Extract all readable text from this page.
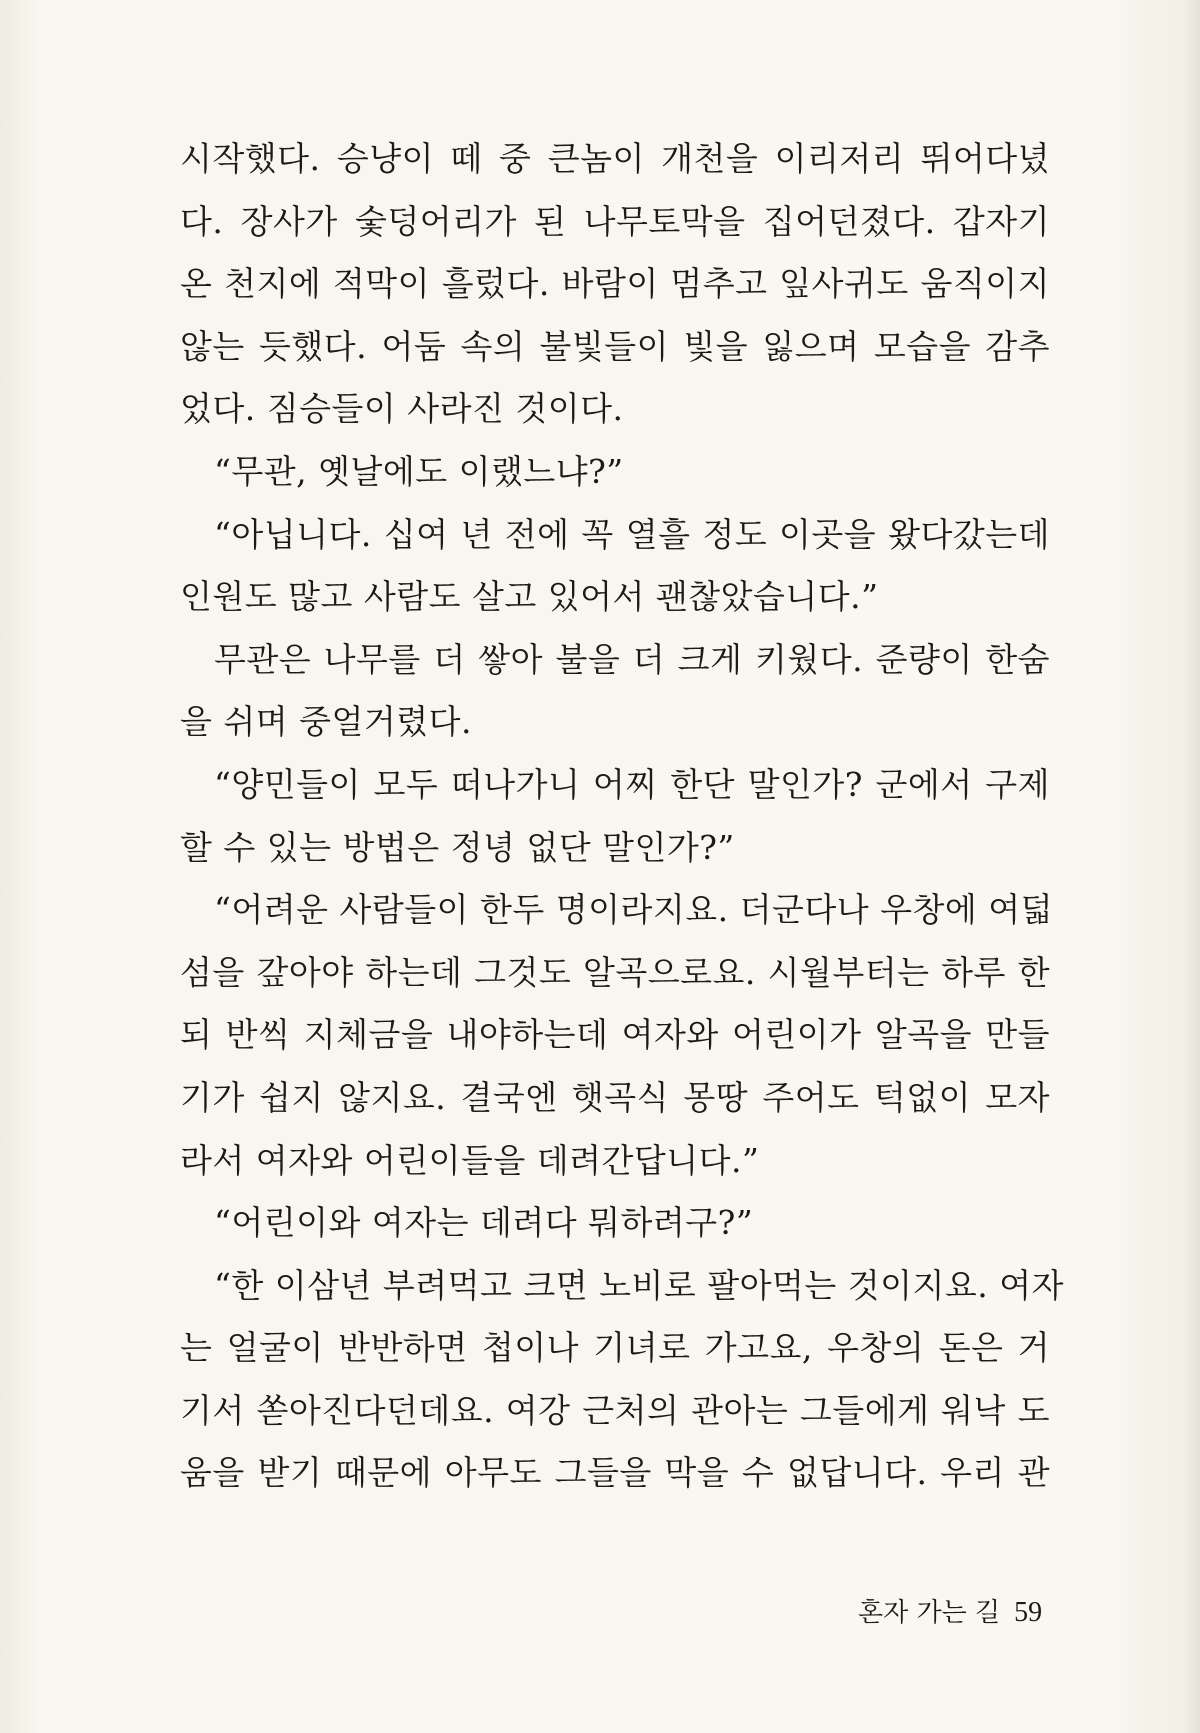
시작했다. 승냥이 떼 중 큰놈이 개천을 이리저리 뛰어다녔
다. 장사가 숯덩어리가 된 나무토막을 집어던졌다. 갑자기
온 천지에 적막이 흘렀다. 바람이 멈추고 잎사귀도 움직이지
않는 듯했다. 어둠 속의 불빛들이 빛을 잃으며 모습을 감추
었다. 짐승들이 사라진 것이다.
“무관, 옛날에도 이랬느냐?”
“아닙니다. 십여 년 전에 꼭 열흘 정도 이곳을 왔다갔는데
인원도 많고 사람도 살고 있어서 괜찮았습니다.”
무관은 나무를 더 쌓아 불을 더 크게 키웠다. 준량이 한숨
을 쉬며 중얼거렸다.
“양민들이 모두 떠나가니 어찌 한단 말인가? 군에서 구제
할 수 있는 방법은 정녕 없단 말인가?”
“어려운 사람들이 한두 명이라지요. 더군다나 우창에 여덟
섬을 갚아야 하는데 그것도 알곡으로요. 시월부터는 하루 한
되 반씩 지체금을 내야하는데 여자와 어린이가 알곡을 만들
기가 쉽지 않지요. 결국엔 햇곡식 몽땅 주어도 턱없이 모자
라서 여자와 어린이들을 데려간답니다.”
“어린이와 여자는 데려다 뭐하려구?”
“한 이삼년 부려먹고 크면 노비로 팔아먹는 것이지요. 여자
는 얼굴이 반반하면 첩이나 기녀로 가고요, 우창의 돈은 거
기서 쏟아진다던데요. 여강 근처의 관아는 그들에게 워낙 도
움을 받기 때문에 아무도 그들을 막을 수 없답니다. 우리 관
혼자 가는 길 59
